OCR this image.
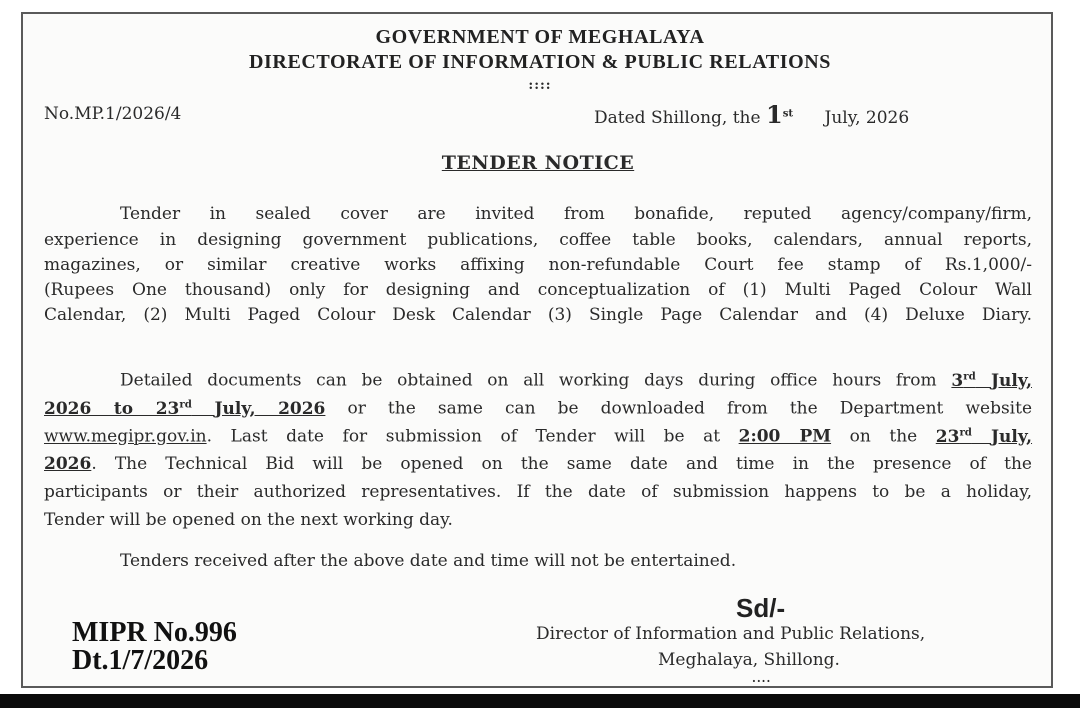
GOVERNMENT OF MEGHALAYA
DIRECTORATE OF INFORMATION & PUBLIC RELATIONS
::::
No.MP.1/2026/4	Dated Shillong, the 1st July, 2026
TENDER NOTICE
Tender in sealed cover are invited from bonafide, reputed agency/company/firm,
experience in designing government publications, coffee table books, calendars, annual reports,
magazines, or similar creative works affixing non-refundable Court fee stamp of Rs.1,000/-
(Rupees One thousand) only for designing and conceptualization of (1) Multi Paged Colour Wall
Calendar, (2) Multi Paged Colour Desk Calendar (3) Single Page Calendar and (4) Deluxe Diary.
Detailed documents can be obtained on all working days during office hours from 3rd July,
2026 to 23rd July, 2026 or the same can be downloaded from the Department website
www.megipr.gov.in. Last date for submission of Tender will be at 2:00 PM on the 23rd July,
2026. The Technical Bid will be opened on the same date and time in the presence of the
participants or their authorized representatives. If the date of submission happens to be a holiday,
Tender will be opened on the next working day.
Tenders received after the above date and time will not be entertained.
MIPR No.996
Dt.1/7/2026
Sd/-
Director of Information and Public Relations,
Meghalaya, Shillong.
....
